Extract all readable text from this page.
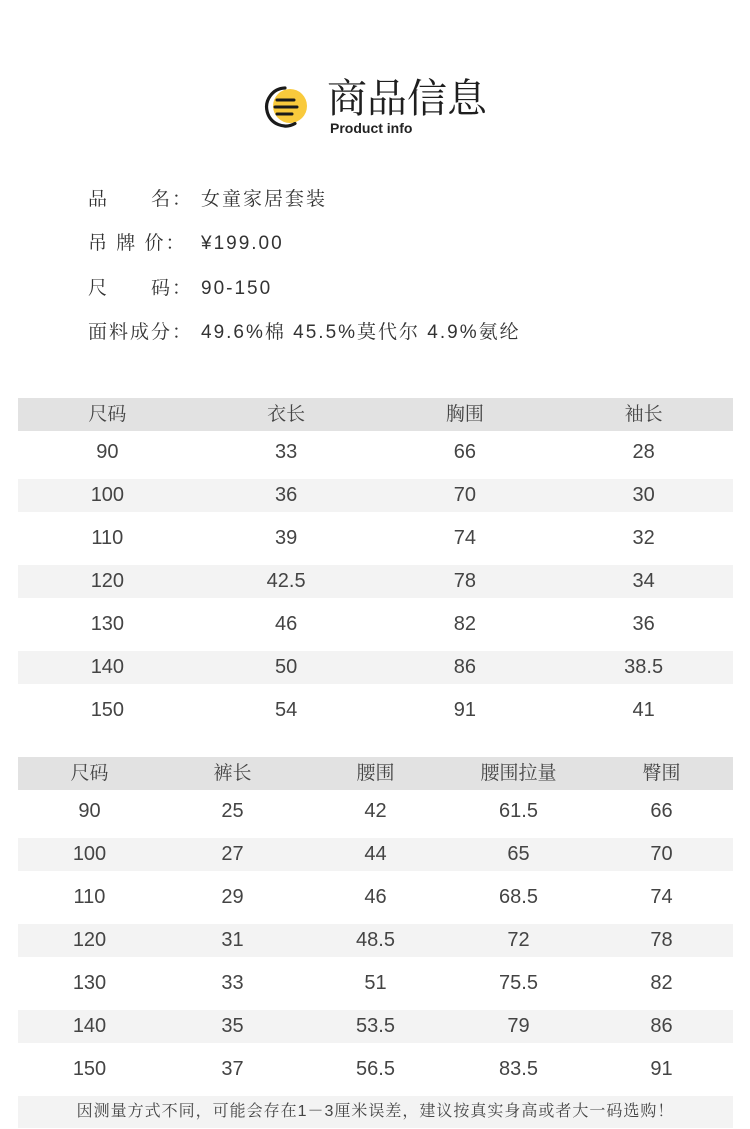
商品信息
Product info
品　　名： 女童家居套装
吊 牌 价： ¥199.00
尺　　码： 90-150
面料成分： 49.6%棉 45.5%莫代尔 4.9%氨纶
尺码	衣长	胸围	袖长
90	33	66	28
100	36	70	30
110	39	74	32
120	42.5	78	34
130	46	82	36
140	50	86	38.5
150	54	91	41
尺码	裤长	腰围	腰围拉量	臀围
90	25	42	61.5	66
100	27	44	65	70
110	29	46	68.5	74
120	31	48.5	72	78
130	33	51	75.5	82
140	35	53.5	79	86
150	37	56.5	83.5	91
因测量方式不同，可能会存在1－3厘米误差，建议按真实身高或者大一码选购！
